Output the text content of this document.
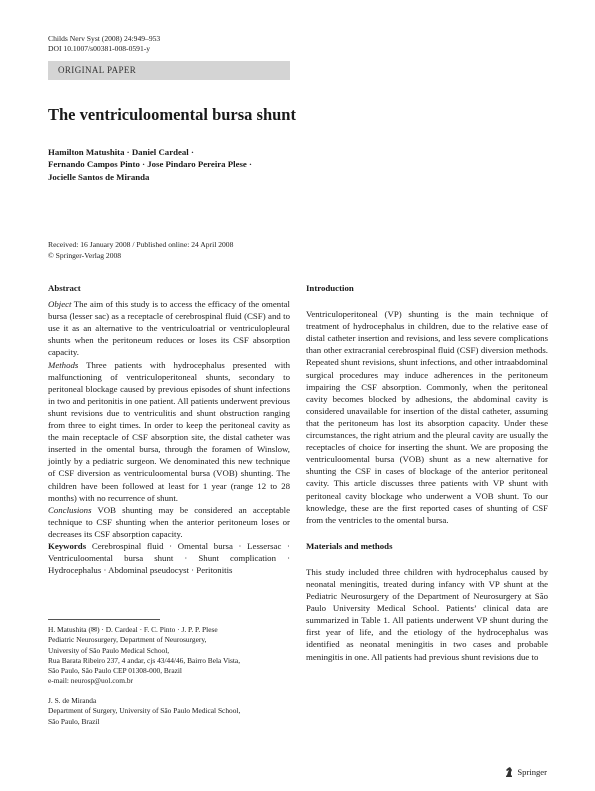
Childs Nerv Syst (2008) 24:949–953
DOI 10.1007/s00381-008-0591-y
ORIGINAL PAPER
The ventriculoomental bursa shunt
Hamilton Matushita · Daniel Cardeal ·
Fernando Campos Pinto · Jose Pindaro Pereira Plese ·
Jocielle Santos de Miranda
Received: 16 January 2008 / Published online: 24 April 2008
© Springer-Verlag 2008
Abstract

Object The aim of this study is to access the efficacy of the omental bursa (lesser sac) as a receptacle of cerebrospinal fluid (CSF) and to use it as an alternative to the ventriculoatrial or ventriculopleural shunts when the peritoneum reduces or loses its CSF absorption capacity.

Methods Three patients with hydrocephalus presented with malfunctioning of ventriculoperitoneal shunts, secondary to peritoneal blockage caused by previous episodes of shunt infections in two and peritonitis in one patient. All patients underwent previous shunt revisions due to ventriculitis and shunt obstruction ranging from three to eight times. In order to keep the peritoneal cavity as the main receptacle of CSF absorption site, the distal catheter was inserted in the omental bursa, through the foramen of Winslow, jointly by a pediatric surgeon. We denominated this new technique of CSF diversion as ventriculoomental bursa (VOB) shunting. The children have been followed at least for 1 year (range 12 to 28 months) with no recurrence of shunt.

Conclusions VOB shunting may be considered an acceptable technique to CSF shunting when the anterior peritoneum loses or decreases its CSF absorption capacity.

Keywords Cerebrospinal fluid · Omental bursa · Lessersac · Ventriculoomental bursa shunt · Shunt complication · Hydrocephalus · Abdominal pseudocyst · Peritonitis

H. Matushita (✉) · D. Cardeal · F. C. Pinto · J. P. P. Plese
Pediatric Neurosurgery, Department of Neurosurgery,
University of São Paulo Medical School,
Rua Barata Ribeiro 237, 4 andar, cjs 43/44/46, Bairro Bela Vista,
São Paulo, São Paulo CEP 01308-000, Brazil
e-mail: neurosp@uol.com.br
J. S. de Miranda
Department of Surgery, University of São Paulo Medical School,
São Paulo, Brazil
Introduction

Ventriculoperitoneal (VP) shunting is the main technique of treatment of hydrocephalus in children, due to the relative ease of distal catheter insertion and revisions, and less severe complications than other extracranial cerebrospinal fluid (CSF) diversion methods. Repeated shunt revisions, shunt infections, and other intraabdominal surgical procedures may induce adherences in the peritoneum impairing the CSF absorption. Commonly, when the peritoneal cavity becomes blocked by adhesions, the abdominal cavity is considered unavailable for insertion of the distal catheter, assuming that the peritoneum has lost its absorption capacity. Under these circumstances, the right atrium and the pleural cavity are usually the receptacles of choice for inserting the shunt. We are proposing the ventriculoomental bursa (VOB) shunt as a new alternative for shunting the CSF in cases of blockage of the anterior peritoneal cavity. This article discusses three patients with VP shunt with peritoneal cavity blockage who underwent a VOB shunt. To our knowledge, these are the first reported cases of shunting of CSF from the ventricles to the omental bursa.

Materials and methods

This study included three children with hydrocephalus caused by neonatal meningitis, treated during infancy with VP shunt at the Pediatric Neurosurgery of the Department of Neurosurgery at São Paulo University Medical School. Patients’ clinical data are summarized in Table 1. All patients underwent VP shunt during the first year of life, and the etiology of the hydrocephalus was identified as neonatal meningitis in two cases and probable meningitis in one. All patients had previous shunt revisions due to

Springer
